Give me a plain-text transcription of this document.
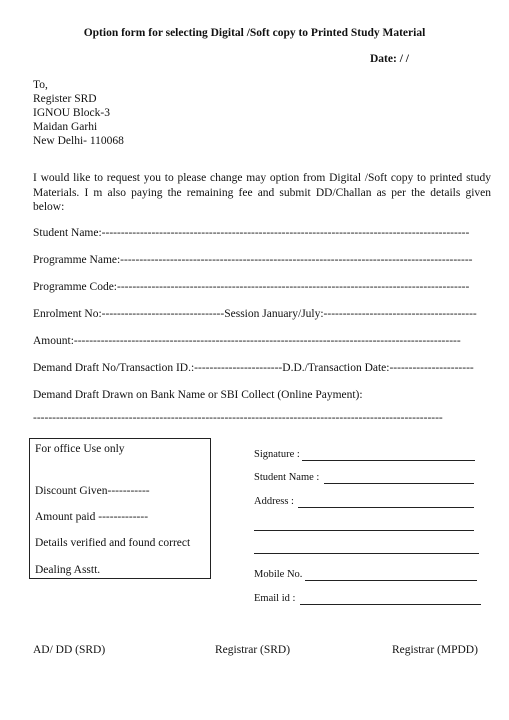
Option form for selecting Digital /Soft copy to Printed Study Material
Date: / /
To,
Register SRD
IGNOU Block-3
Maidan Garhi
New Delhi- 110068
I would like to request you to please change may option from Digital /Soft copy to printed study Materials. I m also paying the remaining fee and submit DD/Challan as per the details given below:
Student Name:------------------------------------------------------------------------------------------------
Programme Name:--------------------------------------------------------------------------------------------
Programme Code:--------------------------------------------------------------------------------------------
Enrolment No:--------------------------------Session January/July:----------------------------------------
Amount:-----------------------------------------------------------------------------------------------------
Demand Draft No/Transaction ID.:-----------------------D.D./Transaction Date:----------------------
Demand Draft Drawn on Bank Name or SBI Collect (Online Payment):
-----------------------------------------------------------------------------------------------------------
For office Use only
Discount Given-----------
Amount paid -------------
Details verified and found correct
Dealing Asstt.
Signature :
Student Name :
Address :
Mobile No.
Email id :
AD/ DD (SRD)	Registrar (SRD)	Registrar (MPDD)
